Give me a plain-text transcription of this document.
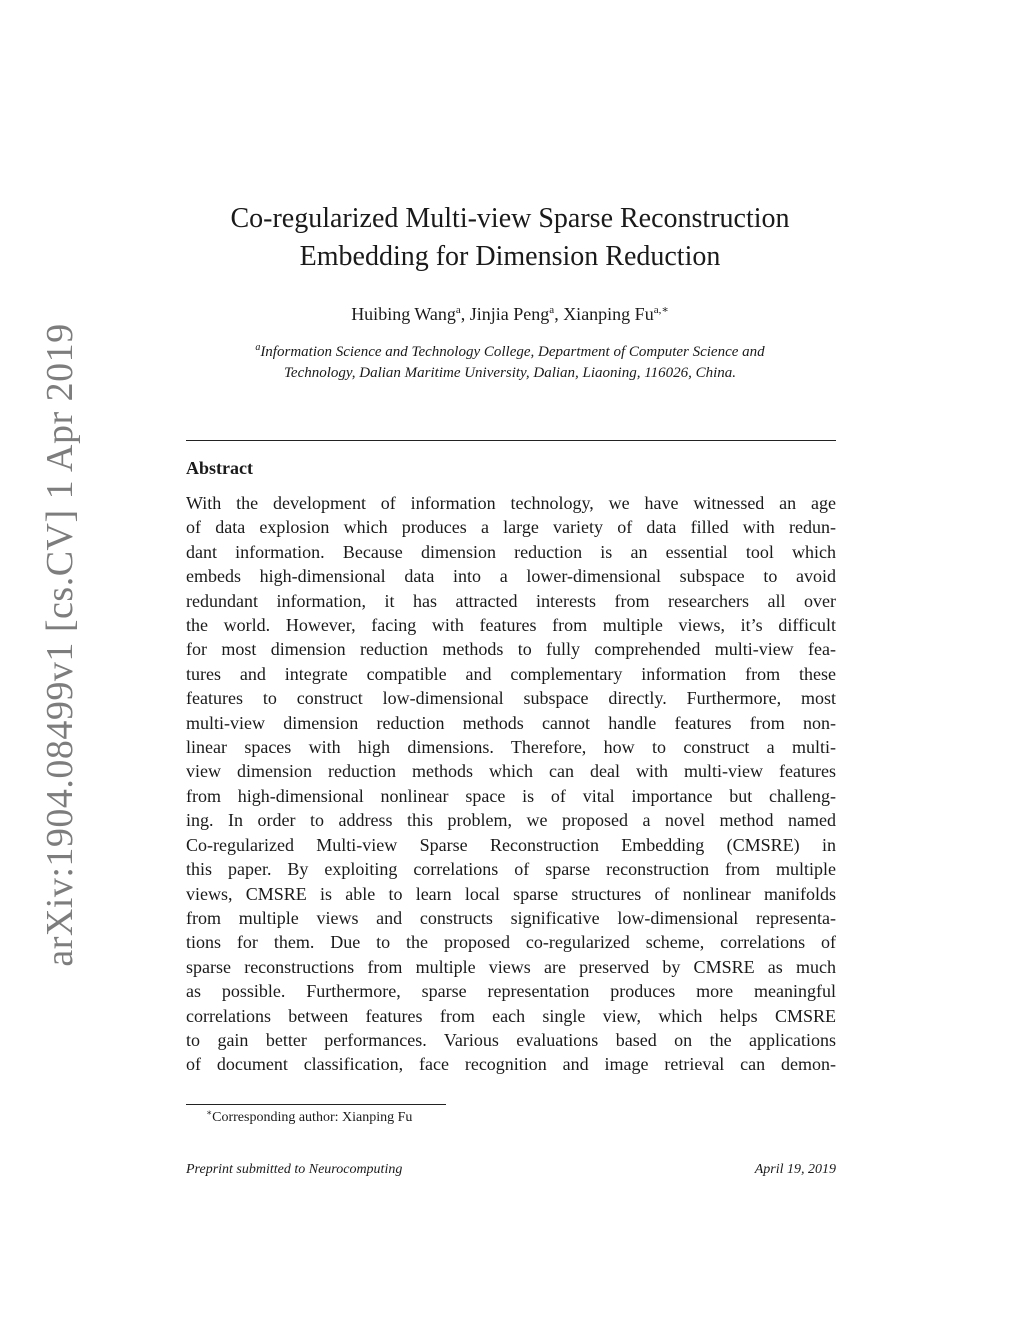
arXiv:1904.08499v1 [cs.CV] 1 Apr 2019
Co-regularized Multi-view Sparse Reconstruction
Embedding for Dimension Reduction
Huibing Wang$^a$, Jinjia Peng$^a$, Xianping $Fu^{a,∗}$
$^a$Information Science and Technology College, Department of Computer Science and
Technology, Dalian Maritime University, Dalian, Liaoning, 116026, China.
Abstract
With the development of information technology, we have witnessed an age
of data explosion which produces a large variety of data filled with redun-
dant information. Because dimension reduction is an essential tool which
embeds high-dimensional data into a lower-dimensional subspace to avoid
redundant information, it has attracted interests from researchers all over
the world. However, facing with features from multiple views, it’s difficult
for most dimension reduction methods to fully comprehended multi-view fea-
tures and integrate compatible and complementary information from these
features to construct low-dimensional subspace directly. Furthermore, most
multi-view dimension reduction methods cannot handle features from non-
linear spaces with high dimensions. Therefore, how to construct a multi-
view dimension reduction methods which can deal with multi-view features
from high-dimensional nonlinear space is of vital importance but challeng-
ing. In order to address this problem, we proposed a novel method named
Co-regularized Multi-view Sparse Reconstruction Embedding (CMSRE) in
this paper. By exploiting correlations of sparse reconstruction from multiple
views, CMSRE is able to learn local sparse structures of nonlinear manifolds
from multiple views and constructs significative low-dimensional representa-
tions for them. Due to the proposed co-regularized scheme, correlations of
sparse reconstructions from multiple views are preserved by CMSRE as much
as possible. Furthermore, sparse representation produces more meaningful
correlations between features from each single view, which helps CMSRE
to gain better performances. Various evaluations based on the applications
of document classification, face recognition and image retrieval can demon-
∗Corresponding author: Xianping Fu
Preprint submitted to Neurocomputing	April 19, 2019
